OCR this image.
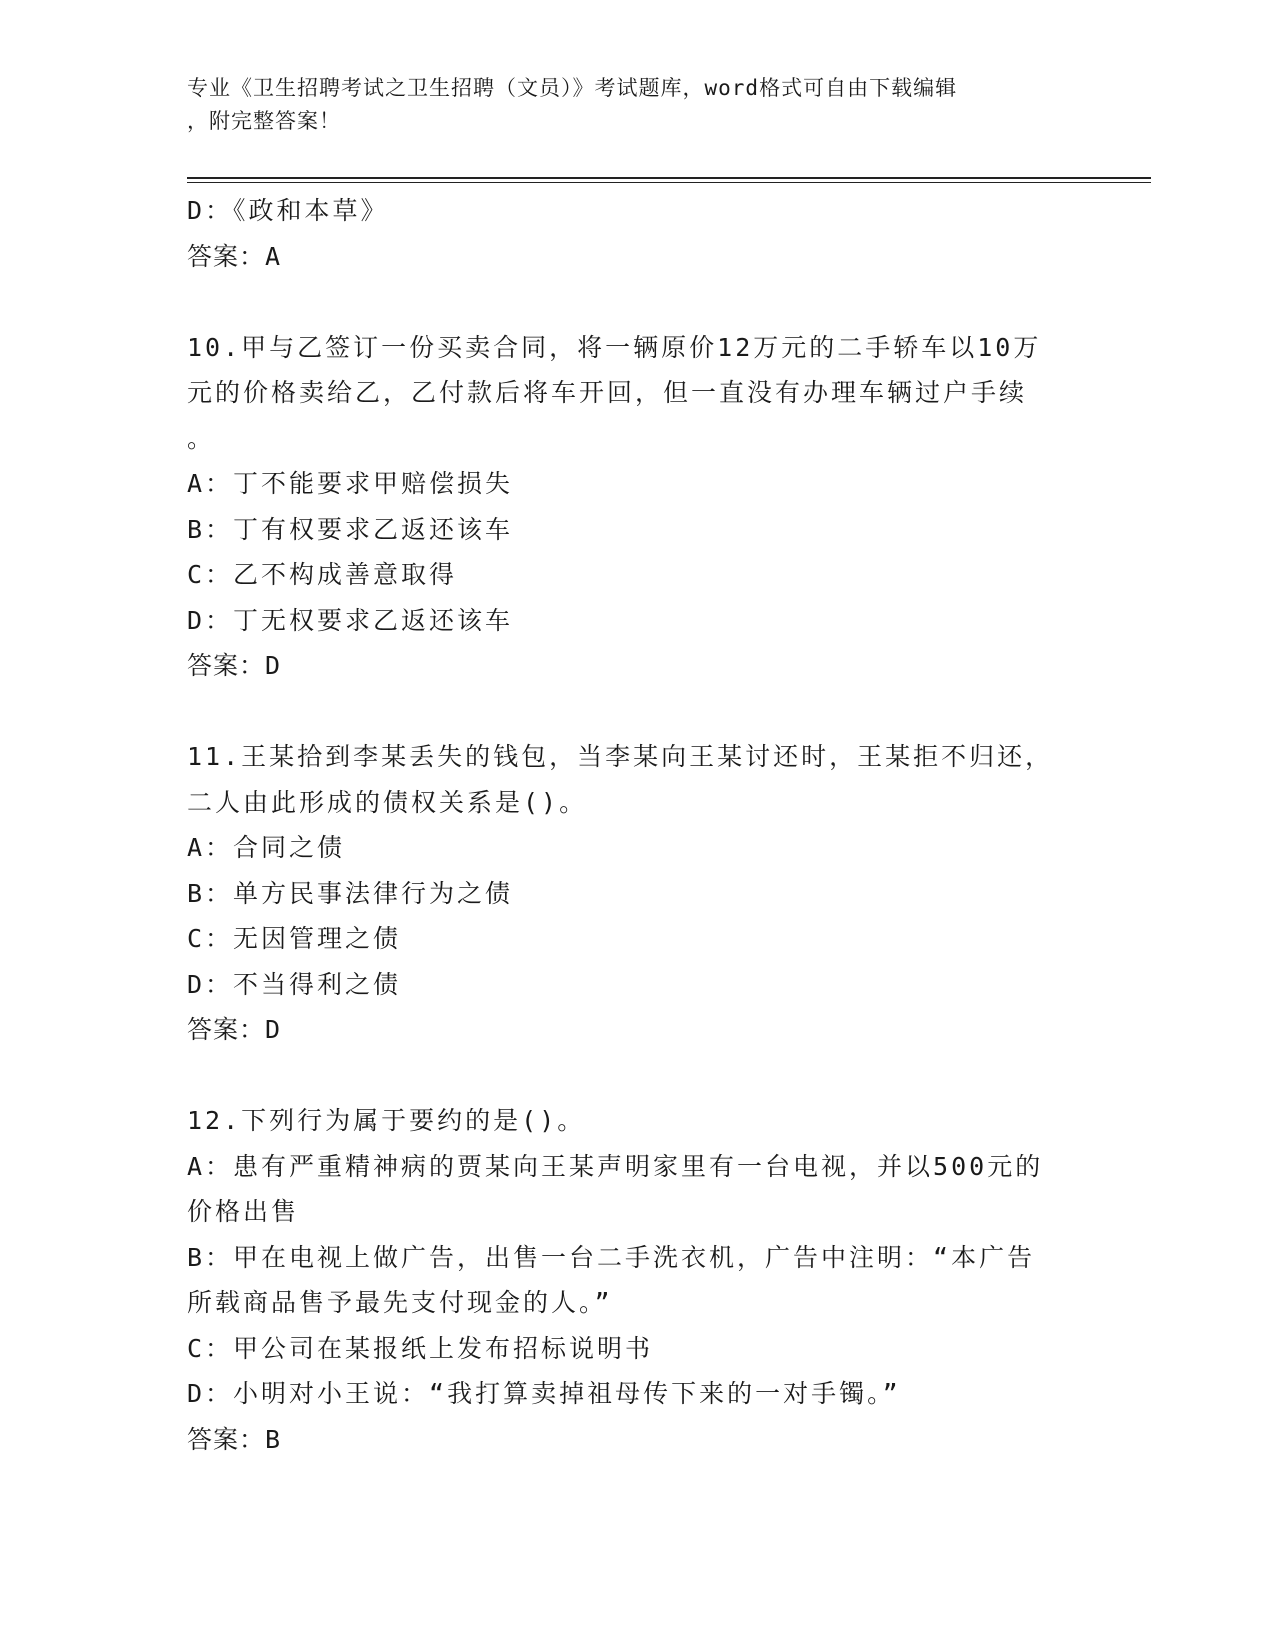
专业《卫生招聘考试之卫生招聘（文员）》考试题库，word格式可自由下载编辑
，附完整答案！
D：《政和本草》
答案：A
10.甲与乙签订一份买卖合同，将一辆原价12万元的二手轿车以10万
元的价格卖给乙，乙付款后将车开回，但一直没有办理车辆过户手续
。
A：丁不能要求甲赔偿损失
B：丁有权要求乙返还该车
C：乙不构成善意取得
D：丁无权要求乙返还该车
答案：D
11.王某拾到李某丢失的钱包，当李某向王某讨还时，王某拒不归还，
二人由此形成的债权关系是()。
A：合同之债
B：单方民事法律行为之债
C：无因管理之债
D：不当得利之债
答案：D
12.下列行为属于要约的是()。
A：患有严重精神病的贾某向王某声明家里有一台电视，并以500元的
价格出售
B：甲在电视上做广告，出售一台二手洗衣机，广告中注明：“本广告
所载商品售予最先支付现金的人。”
C：甲公司在某报纸上发布招标说明书
D：小明对小王说：“我打算卖掉祖母传下来的一对手镯。”
答案：B
